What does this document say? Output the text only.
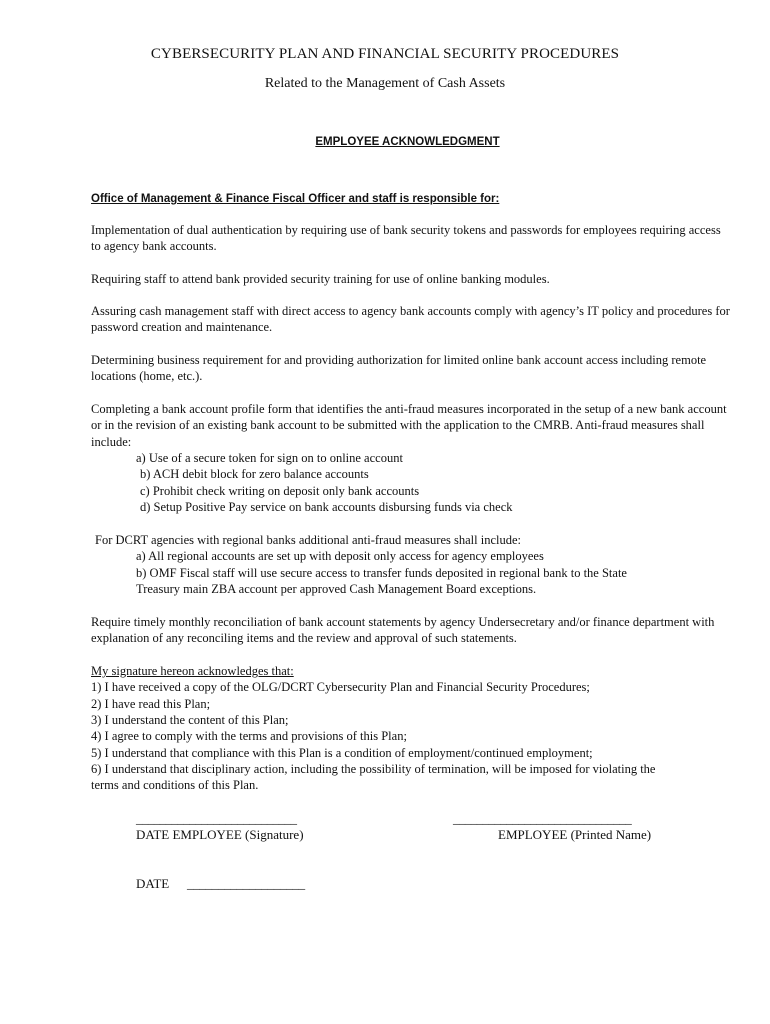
CYBERSECURITY PLAN AND FINANCIAL SECURITY PROCEDURES
Related to the Management of Cash Assets
EMPLOYEE ACKNOWLEDGMENT
Office of Management & Finance Fiscal Officer and staff is responsible for:
Implementation of dual authentication by requiring use of bank security tokens and passwords for employees requiring access to agency bank accounts.
Requiring staff to attend bank provided security training for use of online banking modules.
Assuring cash management staff with direct access to agency bank accounts comply with agency’s IT policy and procedures for password creation and maintenance.
Determining business requirement for and providing authorization for limited online bank account access including remote locations (home, etc.).
Completing a bank account profile form that identifies the anti-fraud measures incorporated in the setup of a new bank account or in the revision of an existing bank account to be submitted with the application to the CMRB. Anti-fraud measures shall include:
a) Use of a secure token for sign on to online account
b) ACH debit block for zero balance accounts
c) Prohibit check writing on deposit only bank accounts
d) Setup Positive Pay service on bank accounts disbursing funds via check
For DCRT agencies with regional banks additional anti-fraud measures shall include:
a) All regional accounts are set up with deposit only access for agency employees
b) OMF Fiscal staff will use secure access to transfer funds deposited in regional bank to the State
Treasury main ZBA account per approved Cash Management Board exceptions.
Require timely monthly reconciliation of bank account statements by agency Undersecretary and/or finance department with explanation of any reconciling items and the review and approval of such statements.
My signature hereon acknowledges that:
1) I have received a copy of the OLG/DCRT Cybersecurity Plan and Financial Security Procedures;
2) I have read this Plan;
3) I understand the content of this Plan;
4) I agree to comply with the terms and provisions of this Plan;
5) I understand that compliance with this Plan is a condition of employment/continued employment;
6) I understand that disciplinary action, including the possibility of termination, will be imposed for violating the
terms and conditions of this Plan.
___________________________	______________________________
DATE EMPLOYEE (Signature)	EMPLOYEE (Printed Name)
DATE ___________________
